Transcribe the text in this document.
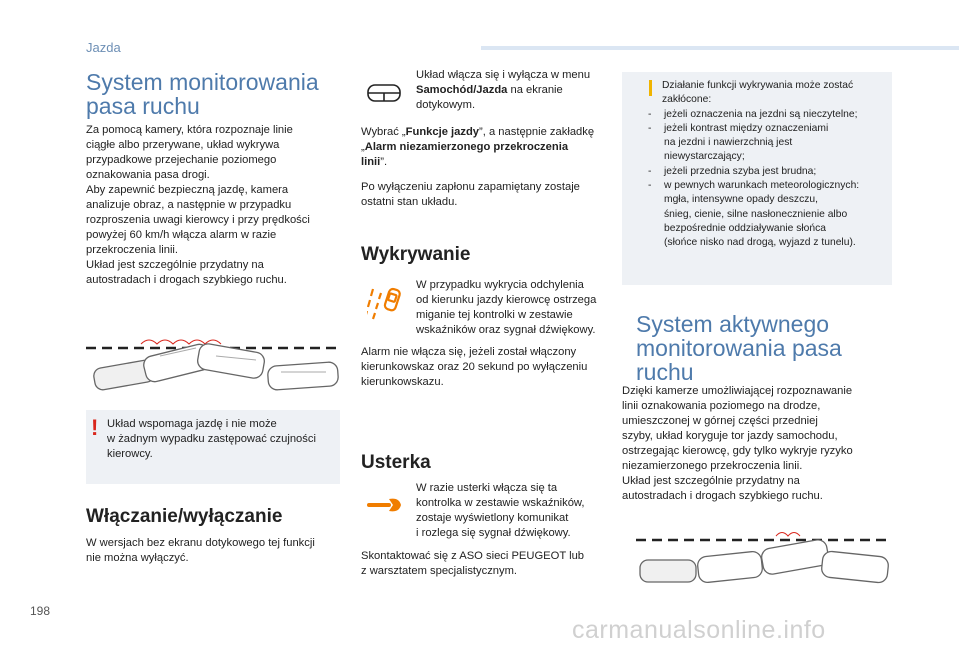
Jazda
System monitorowania
pasa ruchu
Za pomocą kamery, która rozpoznaje linie
ciągłe albo przerywane, układ wykrywa
przypadkowe przejechanie poziomego
oznakowania pasa drogi.
Aby zapewnić bezpieczną jazdę, kamera
analizuje obraz, a następnie w przypadku
rozproszenia uwagi kierowcy i przy prędkości
powyżej 60 km/h włącza alarm w razie
przekroczenia linii.
Układ jest szczególnie przydatny na
autostradach i drogach szybkiego ruchu.
! Układ wspomaga jazdę i nie może
w żadnym wypadku zastępować czujności
kierowcy.
Włączanie/wyłączanie
W wersjach bez ekranu dotykowego tej funkcji
nie można wyłączyć.
Układ włącza się i wyłącza w menu
Samochód/Jazda na ekranie
dotykowym.
Wybrać „Funkcje jazdy”, a następnie zakładkę
„Alarm niezamierzonego przekroczenia
linii”.
Po wyłączeniu zapłonu zapamiętany zostaje
ostatni stan układu.
Wykrywanie
W przypadku wykrycia odchylenia
od kierunku jazdy kierowcę ostrzega
miganie tej kontrolki w zestawie
wskaźników oraz sygnał dźwiękowy.
Alarm nie włącza się, jeżeli został włączony
kierunkowskaz oraz 20 sekund po wyłączeniu
kierunkowskazu.
Usterka
W razie usterki włącza się ta
kontrolka w zestawie wskaźników,
zostaje wyświetlony komunikat
i rozlega się sygnał dźwiękowy.
Skontaktować się z ASO sieci PEUGEOT lub
z warsztatem specjalistycznym.
Działanie funkcji wykrywania może zostać
zakłócone:
-	jeżeli oznaczenia na jezdni są nieczytelne;
-	jeżeli kontrast między oznaczeniami
na jezdni i nawierzchnią jest
niewystarczający;
-	jeżeli przednia szyba jest brudna;
-	w pewnych warunkach meteorologicznych:
mgła, intensywne opady deszczu,
śnieg, cienie, silne nasłonecznienie albo
bezpośrednie oddziaływanie słońca
(słońce nisko nad drogą, wyjazd z tunelu).
System aktywnego
monitorowania pasa
ruchu
Dzięki kamerze umożliwiającej rozpoznawanie
linii oznakowania poziomego na drodze,
umieszczonej w górnej części przedniej
szyby, układ koryguje tor jazdy samochodu,
ostrzegając kierowcę, gdy tylko wykryje ryzyko
niezamierzonego przekroczenia linii.
Układ jest szczególnie przydatny na
autostradach i drogach szybkiego ruchu.
198
carmanualsonline.info
